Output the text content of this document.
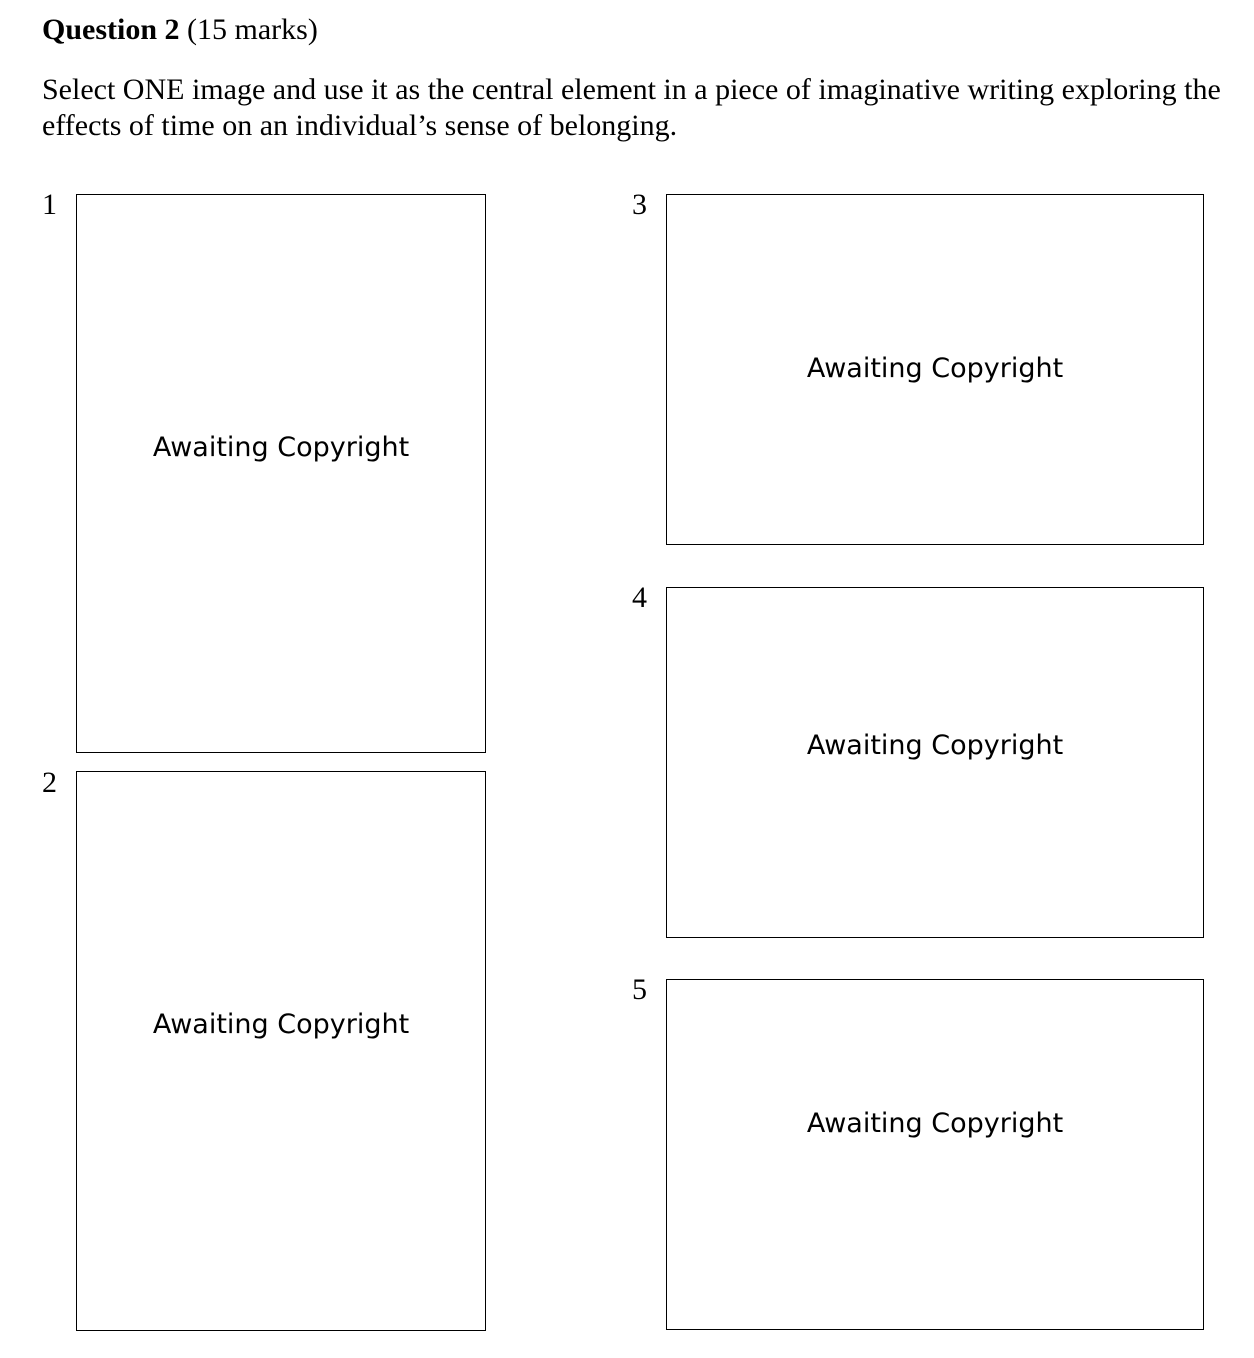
Question 2 (15 marks)
Select ONE image and use it as the central element in a piece of imaginative writing exploring the effects of time on an individual’s sense of belonging.
1
Awaiting Copyright
2
Awaiting Copyright
3
Awaiting Copyright
4
Awaiting Copyright
5
Awaiting Copyright
